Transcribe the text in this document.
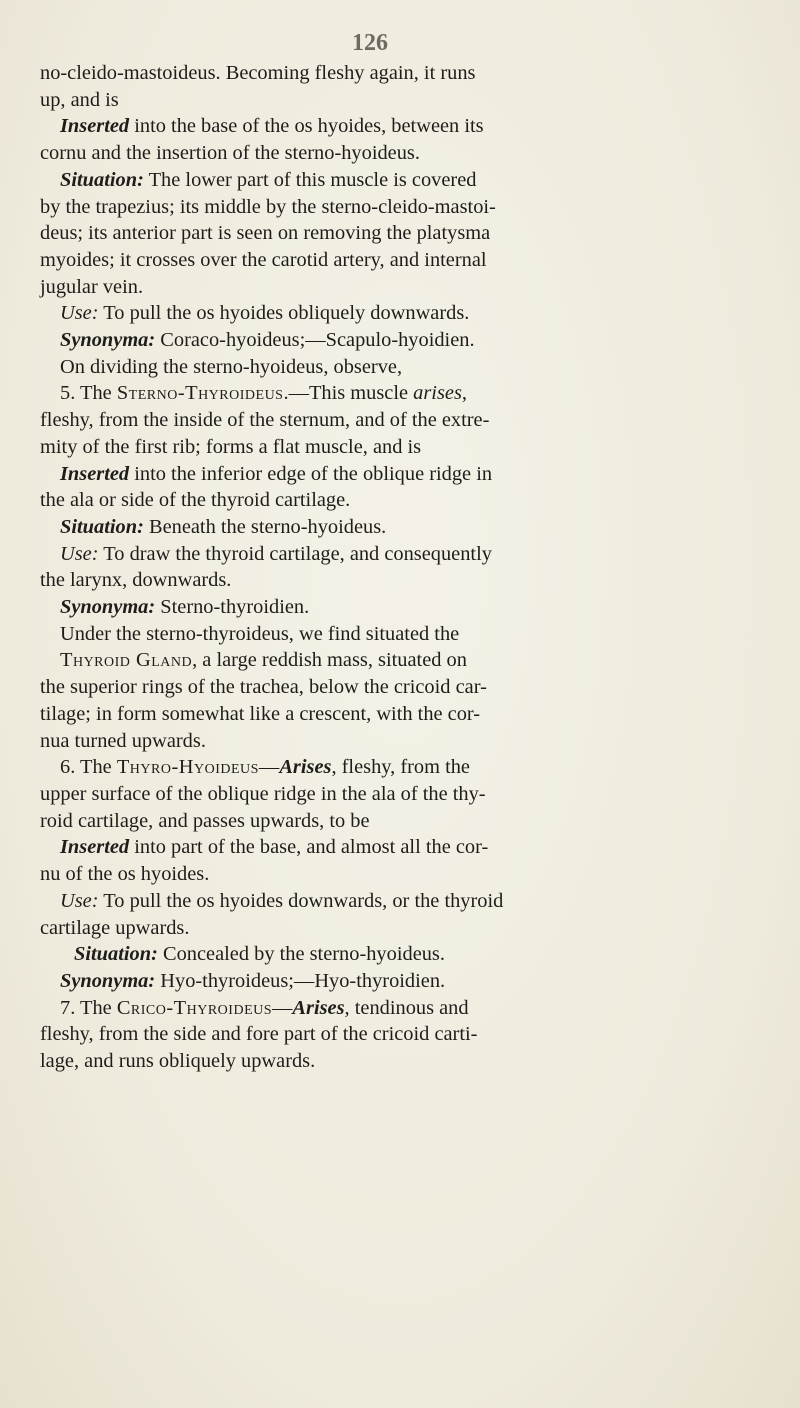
126
no-cleido-mastoideus. Becoming fleshy again, it runs
up, and is
Inserted into the base of the os hyoides, between its
cornu and the insertion of the sterno-hyoideus.
Situation: The lower part of this muscle is covered
by the trapezius; its middle by the sterno-cleido-mastoi-
deus; its anterior part is seen on removing the platysma
myoides; it crosses over the carotid artery, and internal
jugular vein.
Use: To pull the os hyoides obliquely downwards.
Synonyma: Coraco-hyoideus;—Scapulo-hyoidien.
On dividing the sterno-hyoideus, observe,
5. The Sterno-Thyroideus.—This muscle arises,
fleshy, from the inside of the sternum, and of the extre-
mity of the first rib; forms a flat muscle, and is
Inserted into the inferior edge of the oblique ridge in
the ala or side of the thyroid cartilage.
Situation: Beneath the sterno-hyoideus.
Use: To draw the thyroid cartilage, and consequently
the larynx, downwards.
Synonyma: Sterno-thyroidien.
Under the sterno-thyroideus, we find situated the
Thyroid Gland, a large reddish mass, situated on
the superior rings of the trachea, below the cricoid car-
tilage; in form somewhat like a crescent, with the cor-
nua turned upwards.
6. The Thyro-Hyoideus—Arises, fleshy, from the
upper surface of the oblique ridge in the ala of the thy-
roid cartilage, and passes upwards, to be
Inserted into part of the base, and almost all the cor-
nu of the os hyoides.
Use: To pull the os hyoides downwards, or the thyroid
cartilage upwards.
Situation: Concealed by the sterno-hyoideus.
Synonyma: Hyo-thyroideus;—Hyo-thyroidien.
7. The Crico-Thyroideus—Arises, tendinous and
fleshy, from the side and fore part of the cricoid carti-
lage, and runs obliquely upwards.
